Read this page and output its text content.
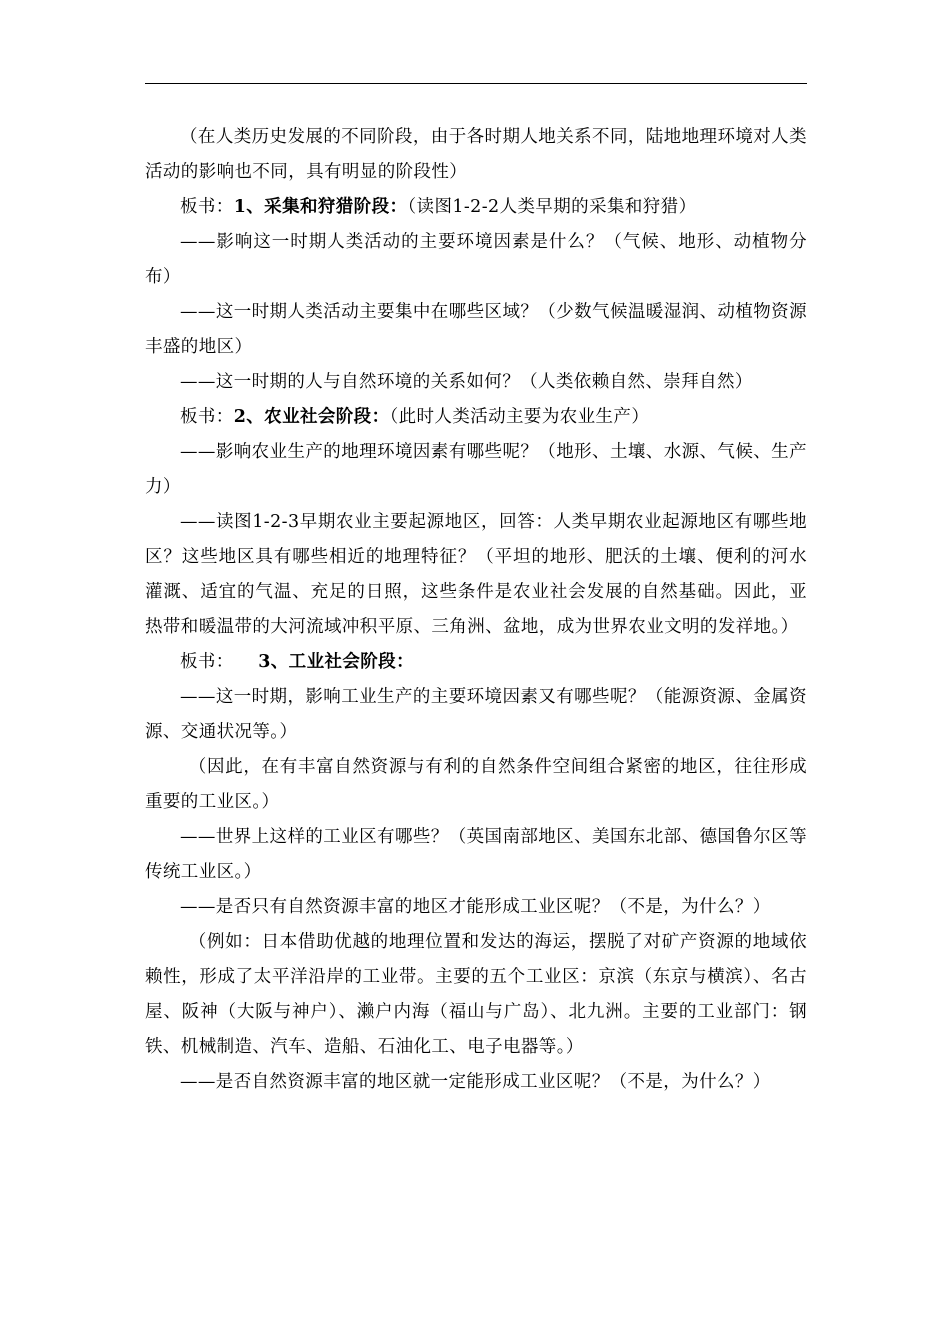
（在人类历史发展的不同阶段，由于各时期人地关系不同，陆地地理环境对人类活动的影响也不同，具有明显的阶段性）

板书：1、采集和狩猎阶段：（读图1-2-2人类早期的采集和狩猎）

——影响这一时期人类活动的主要环境因素是什么？（气候、地形、动植物分布）

——这一时期人类活动主要集中在哪些区域？（少数气候温暖湿润、动植物资源丰盛的地区）

——这一时期的人与自然环境的关系如何？（人类依赖自然、崇拜自然）

板书：2、农业社会阶段：（此时人类活动主要为农业生产）

——影响农业生产的地理环境因素有哪些呢？（地形、土壤、水源、气候、生产力）

——读图1-2-3早期农业主要起源地区，回答：人类早期农业起源地区有哪些地区？这些地区具有哪些相近的地理特征？（平坦的地形、肥沃的土壤、便利的河水灌溉、适宜的气温、充足的日照，这些条件是农业社会发展的自然基础。因此，亚热带和暖温带的大河流域冲积平原、三角洲、盆地，成为世界农业文明的发祥地。）

板书： 3、工业社会阶段：

——这一时期，影响工业生产的主要环境因素又有哪些呢？（能源资源、金属资源、交通状况等。）

（因此，在有丰富自然资源与有利的自然条件空间组合紧密的地区，往往形成重要的工业区。）

——世界上这样的工业区有哪些？（英国南部地区、美国东北部、德国鲁尔区等传统工业区。）

——是否只有自然资源丰富的地区才能形成工业区呢？（不是，为什么？）

（例如：日本借助优越的地理位置和发达的海运，摆脱了对矿产资源的地域依赖性，形成了太平洋沿岸的工业带。主要的五个工业区：京滨（东京与横滨）、名古屋、阪神（大阪与神户）、濑户内海（福山与广岛）、北九洲。主要的工业部门：钢铁、机械制造、汽车、造船、石油化工、电子电器等。）

——是否自然资源丰富的地区就一定能形成工业区呢？（不是，为什么？）
